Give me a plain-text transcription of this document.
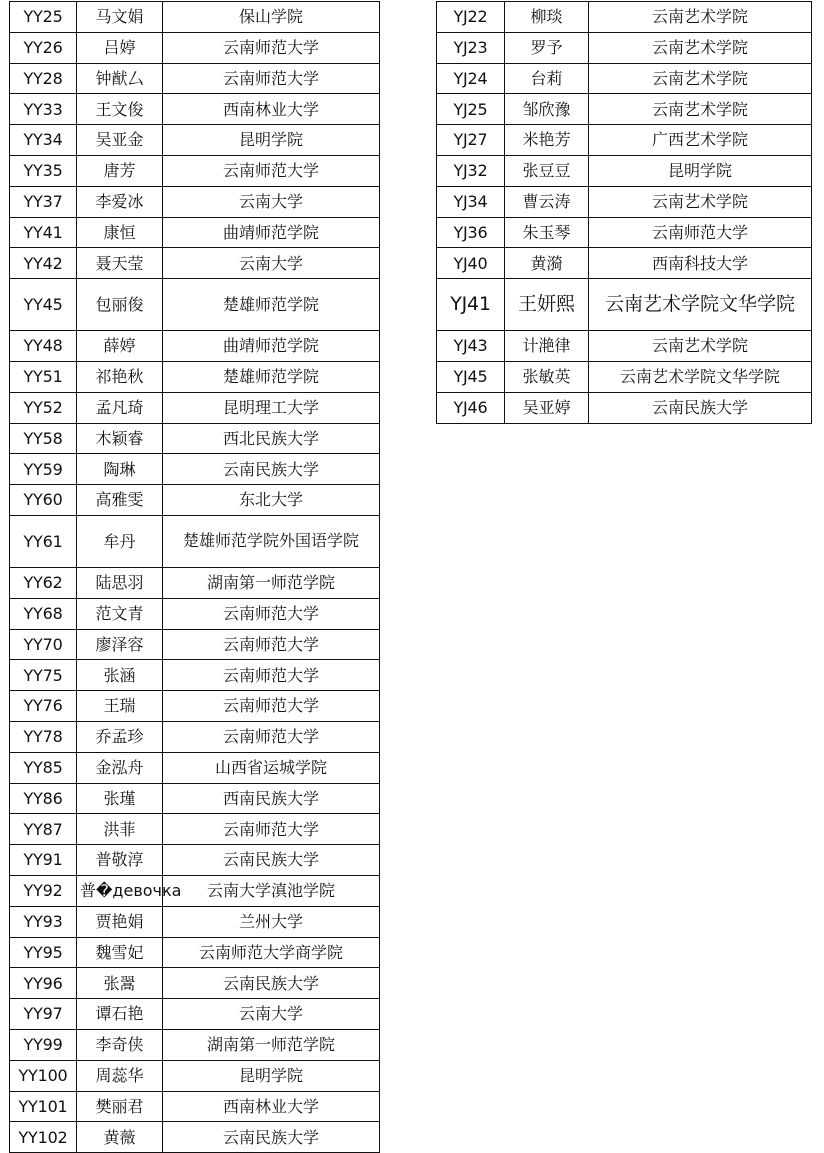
YY25	马文娟	保山学院
YY26	吕婷	云南师范大学
YY28	钟猷厶	云南师范大学
YY33	王文俊	西南林业大学
YY34	吴亚金	昆明学院
YY35	唐芳	云南师范大学
YY37	李爱冰	云南大学
YY41	康恒	曲靖师范学院
YY42	聂天莹	云南大学
YY45	包丽俊	楚雄师范学院
YY48	薛婷	曲靖师范学院
YY51	祁艳秋	楚雄师范学院
YY52	孟凡琦	昆明理工大学
YY58	木颖睿	西北民族大学
YY59	陶琳	云南民族大学
YY60	高雅雯	东北大学
YY61	牟丹	楚雄师范学院外国语学院
YY62	陆思羽	湖南第一师范学院
YY68	范文青	云南师范大学
YY70	廖泽容	云南师范大学
YY75	张涵	云南师范大学
YY76	王瑞	云南师范大学
YY78	乔孟珍	云南师范大学
YY85	金泓舟	山西省运城学院
YY86	张瑾	西南民族大学
YY87	洪菲	云南师范大学
YY91	普敬淳	云南民族大学
YY92	普�девочка	云南大学滇池学院
YY93	贾艳娟	兰州大学
YY95	魏雪妃	云南师范大学商学院
YY96	张翯	云南民族大学
YY97	谭石艳	云南大学
YY99	李奇侠	湖南第一师范学院
YY100	周蕊华	昆明学院
YY101	樊丽君	西南林业大学
YY102	黄薇	云南民族大学
YJ22	柳琰	云南艺术学院
YJ23	罗予	云南艺术学院
YJ24	台莉	云南艺术学院
YJ25	邹欣豫	云南艺术学院
YJ27	米艳芳	广西艺术学院
YJ32	张豆豆	昆明学院
YJ34	曹云涛	云南艺术学院
YJ36	朱玉琴	云南师范大学
YJ40	黄漪	西南科技大学
YJ41	王妍熙	云南艺术学院文华学院
YJ43	计滟律	云南艺术学院
YJ45	张敏英	云南艺术学院文华学院
YJ46	吴亚婷	云南民族大学
